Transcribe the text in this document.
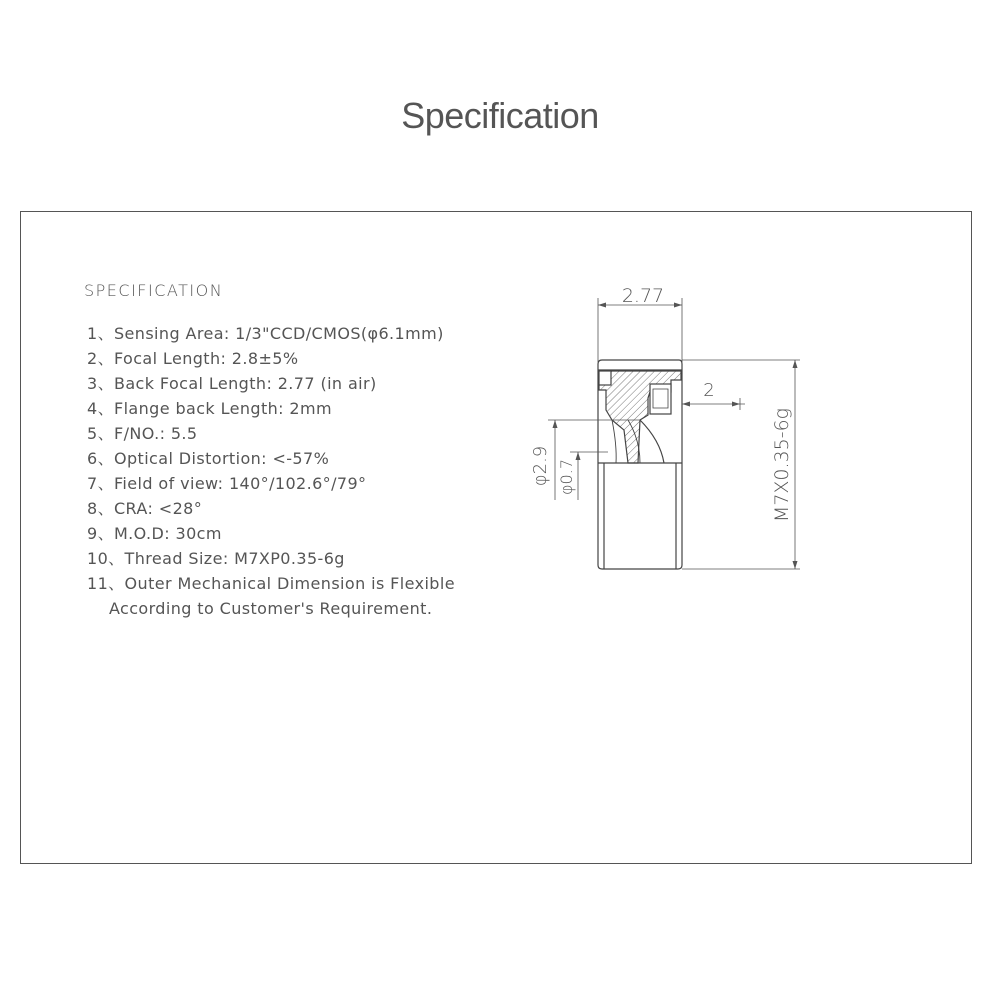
Specification
SPECIFICATION
1、Sensing Area: 1/3"CCD/CMOS(φ6.1mm)
2、Focal Length: 2.8±5%
3、Back Focal Length: 2.77 (in air)
4、Flange back Length: 2mm
5、F/NO.: 5.5
6、Optical Distortion: <-57%
7、Field of view: 140°/102.6°/79°
8、CRA: <28°
9、M.O.D: 30cm
10、Thread Size: M7XP0.35-6g
11、Outer Mechanical Dimension is Flexible
According to Customer's Requirement.
2.77
2
M7X0.35-6g
φ2.9 φ0.7
